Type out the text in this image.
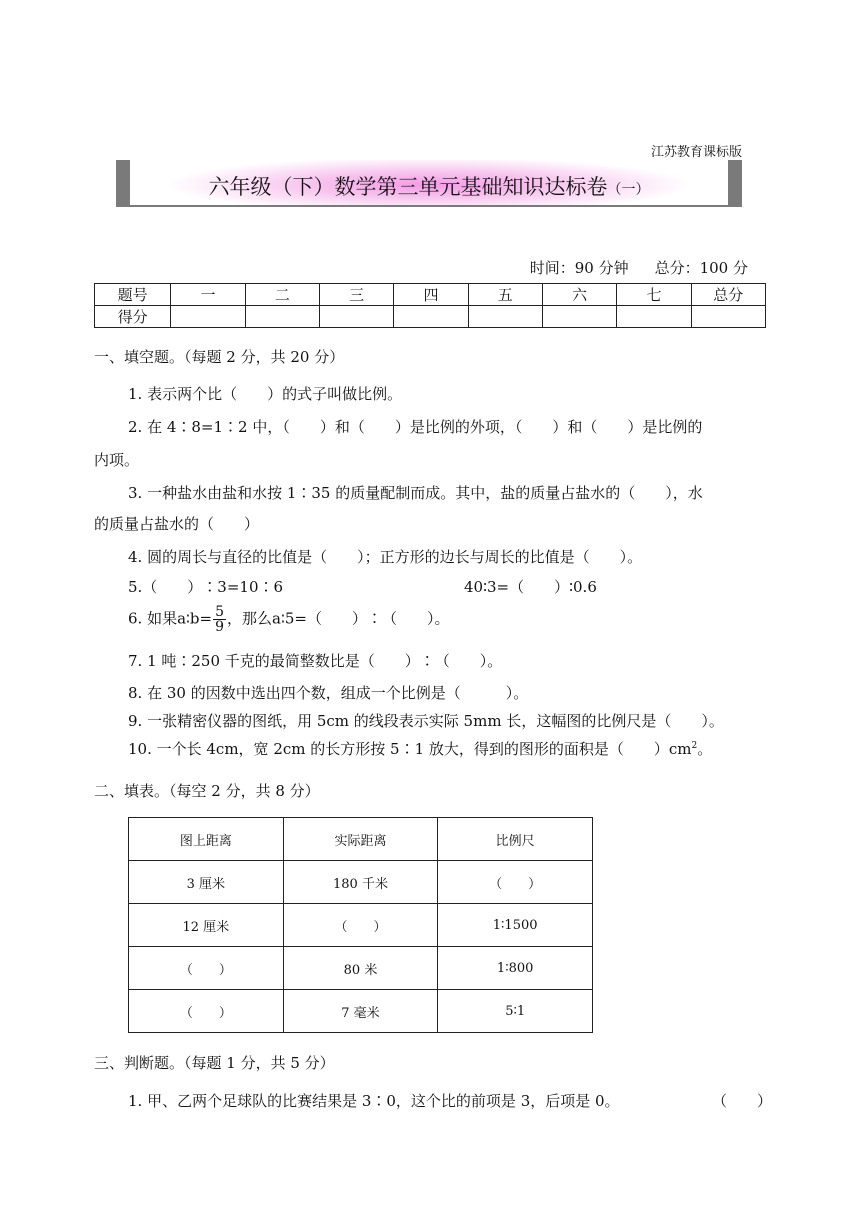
江苏教育课标版
六年级（下）数学第三单元基础知识达标卷（一）
时间：90 分钟 总分：100 分
题号	一	二	三	四	五	六	七	总分
得分								
一、填空题。（每题 2 分，共 20 分）
1. 表示两个比（　　）的式子叫做比例。
2. 在 4∶8=1∶2 中，（　　）和（　　）是比例的外项，（　　）和（　　）是比例的
内项。
3. 一种盐水由盐和水按 1∶35 的质量配制而成。其中，盐的质量占盐水的（　　），水
的质量占盐水的（　　）
4. 圆的周长与直径的比值是（　　）；正方形的边长与周长的比值是（　　）。
5.（　　）∶3=10∶6	40∶3=（　　）∶0.6
6. 如果a∶b= $\frac{5}{9}$ ，那么a∶5=（　　）∶（　　）。
7. 1 吨∶250 千克的最简整数比是（　　）∶（　　）。
8. 在 30 的因数中选出四个数，组成一个比例是（　　　）。
9. 一张精密仪器的图纸，用 5cm 的线段表示实际 5mm 长，这幅图的比例尺是（　　）。
10. 一个长 4cm，宽 2cm 的长方形按 5∶1 放大，得到的图形的面积是（　　）$cm^2$。
二、填表。（每空 2 分，共 8 分）
图上距离	实际距离	比例尺
3 厘米	180 千米	（　　）
12 厘米	（　　）	1∶1500
（　　）	80 米	1∶800
（　　）	7 毫米	5∶1
三、判断题。（每题 1 分，共 5 分）
1. 甲、乙两个足球队的比赛结果是 3∶0，这个比的前项是 3，后项是 0。	（　　）
